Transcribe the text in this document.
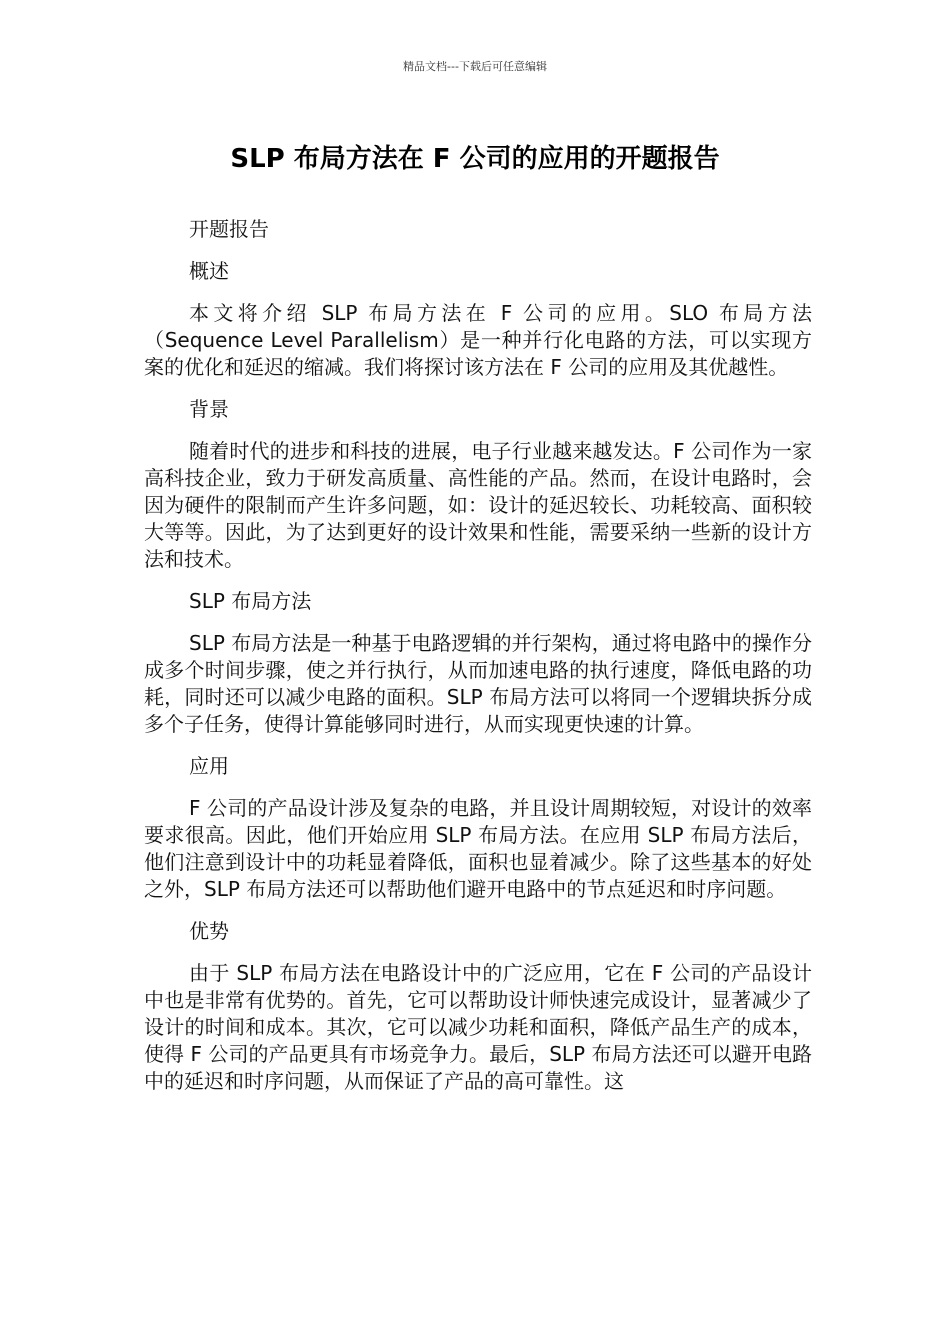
精品文档---下载后可任意编辑
SLP 布局方法在 F 公司的应用的开题报告

开题报告

概述

本文将介绍 SLP 布局方法在 F 公司的应用。SLO 布局方法（Sequence Level Parallelism）是一种并行化电路的方法，可以实现方案的优化和延迟的缩减。我们将探讨该方法在 F 公司的应用及其优越性。

背景

随着时代的进步和科技的进展，电子行业越来越发达。F 公司作为一家高科技企业，致力于研发高质量、高性能的产品。然而，在设计电路时，会因为硬件的限制而产生许多问题，如：设计的延迟较长、功耗较高、面积较大等等。因此，为了达到更好的设计效果和性能，需要采纳一些新的设计方法和技术。

SLP 布局方法

SLP 布局方法是一种基于电路逻辑的并行架构，通过将电路中的操作分成多个时间步骤，使之并行执行，从而加速电路的执行速度，降低电路的功耗，同时还可以减少电路的面积。SLP 布局方法可以将同一个逻辑块拆分成多个子任务，使得计算能够同时进行，从而实现更快速的计算。

应用

F 公司的产品设计涉及复杂的电路，并且设计周期较短，对设计的效率要求很高。因此，他们开始应用 SLP 布局方法。在应用 SLP 布局方法后，他们注意到设计中的功耗显着降低，面积也显着减少。除了这些基本的好处之外，SLP 布局方法还可以帮助他们避开电路中的节点延迟和时序问题。

优势

由于 SLP 布局方法在电路设计中的广泛应用，它在 F 公司的产品设计中也是非常有优势的。首先，它可以帮助设计师快速完成设计，显著减少了设计的时间和成本。其次，它可以减少功耗和面积，降低产品生产的成本，使得 F 公司的产品更具有市场竞争力。最后，SLP 布局方法还可以避开电路中的延迟和时序问题，从而保证了产品的高可靠性。这
